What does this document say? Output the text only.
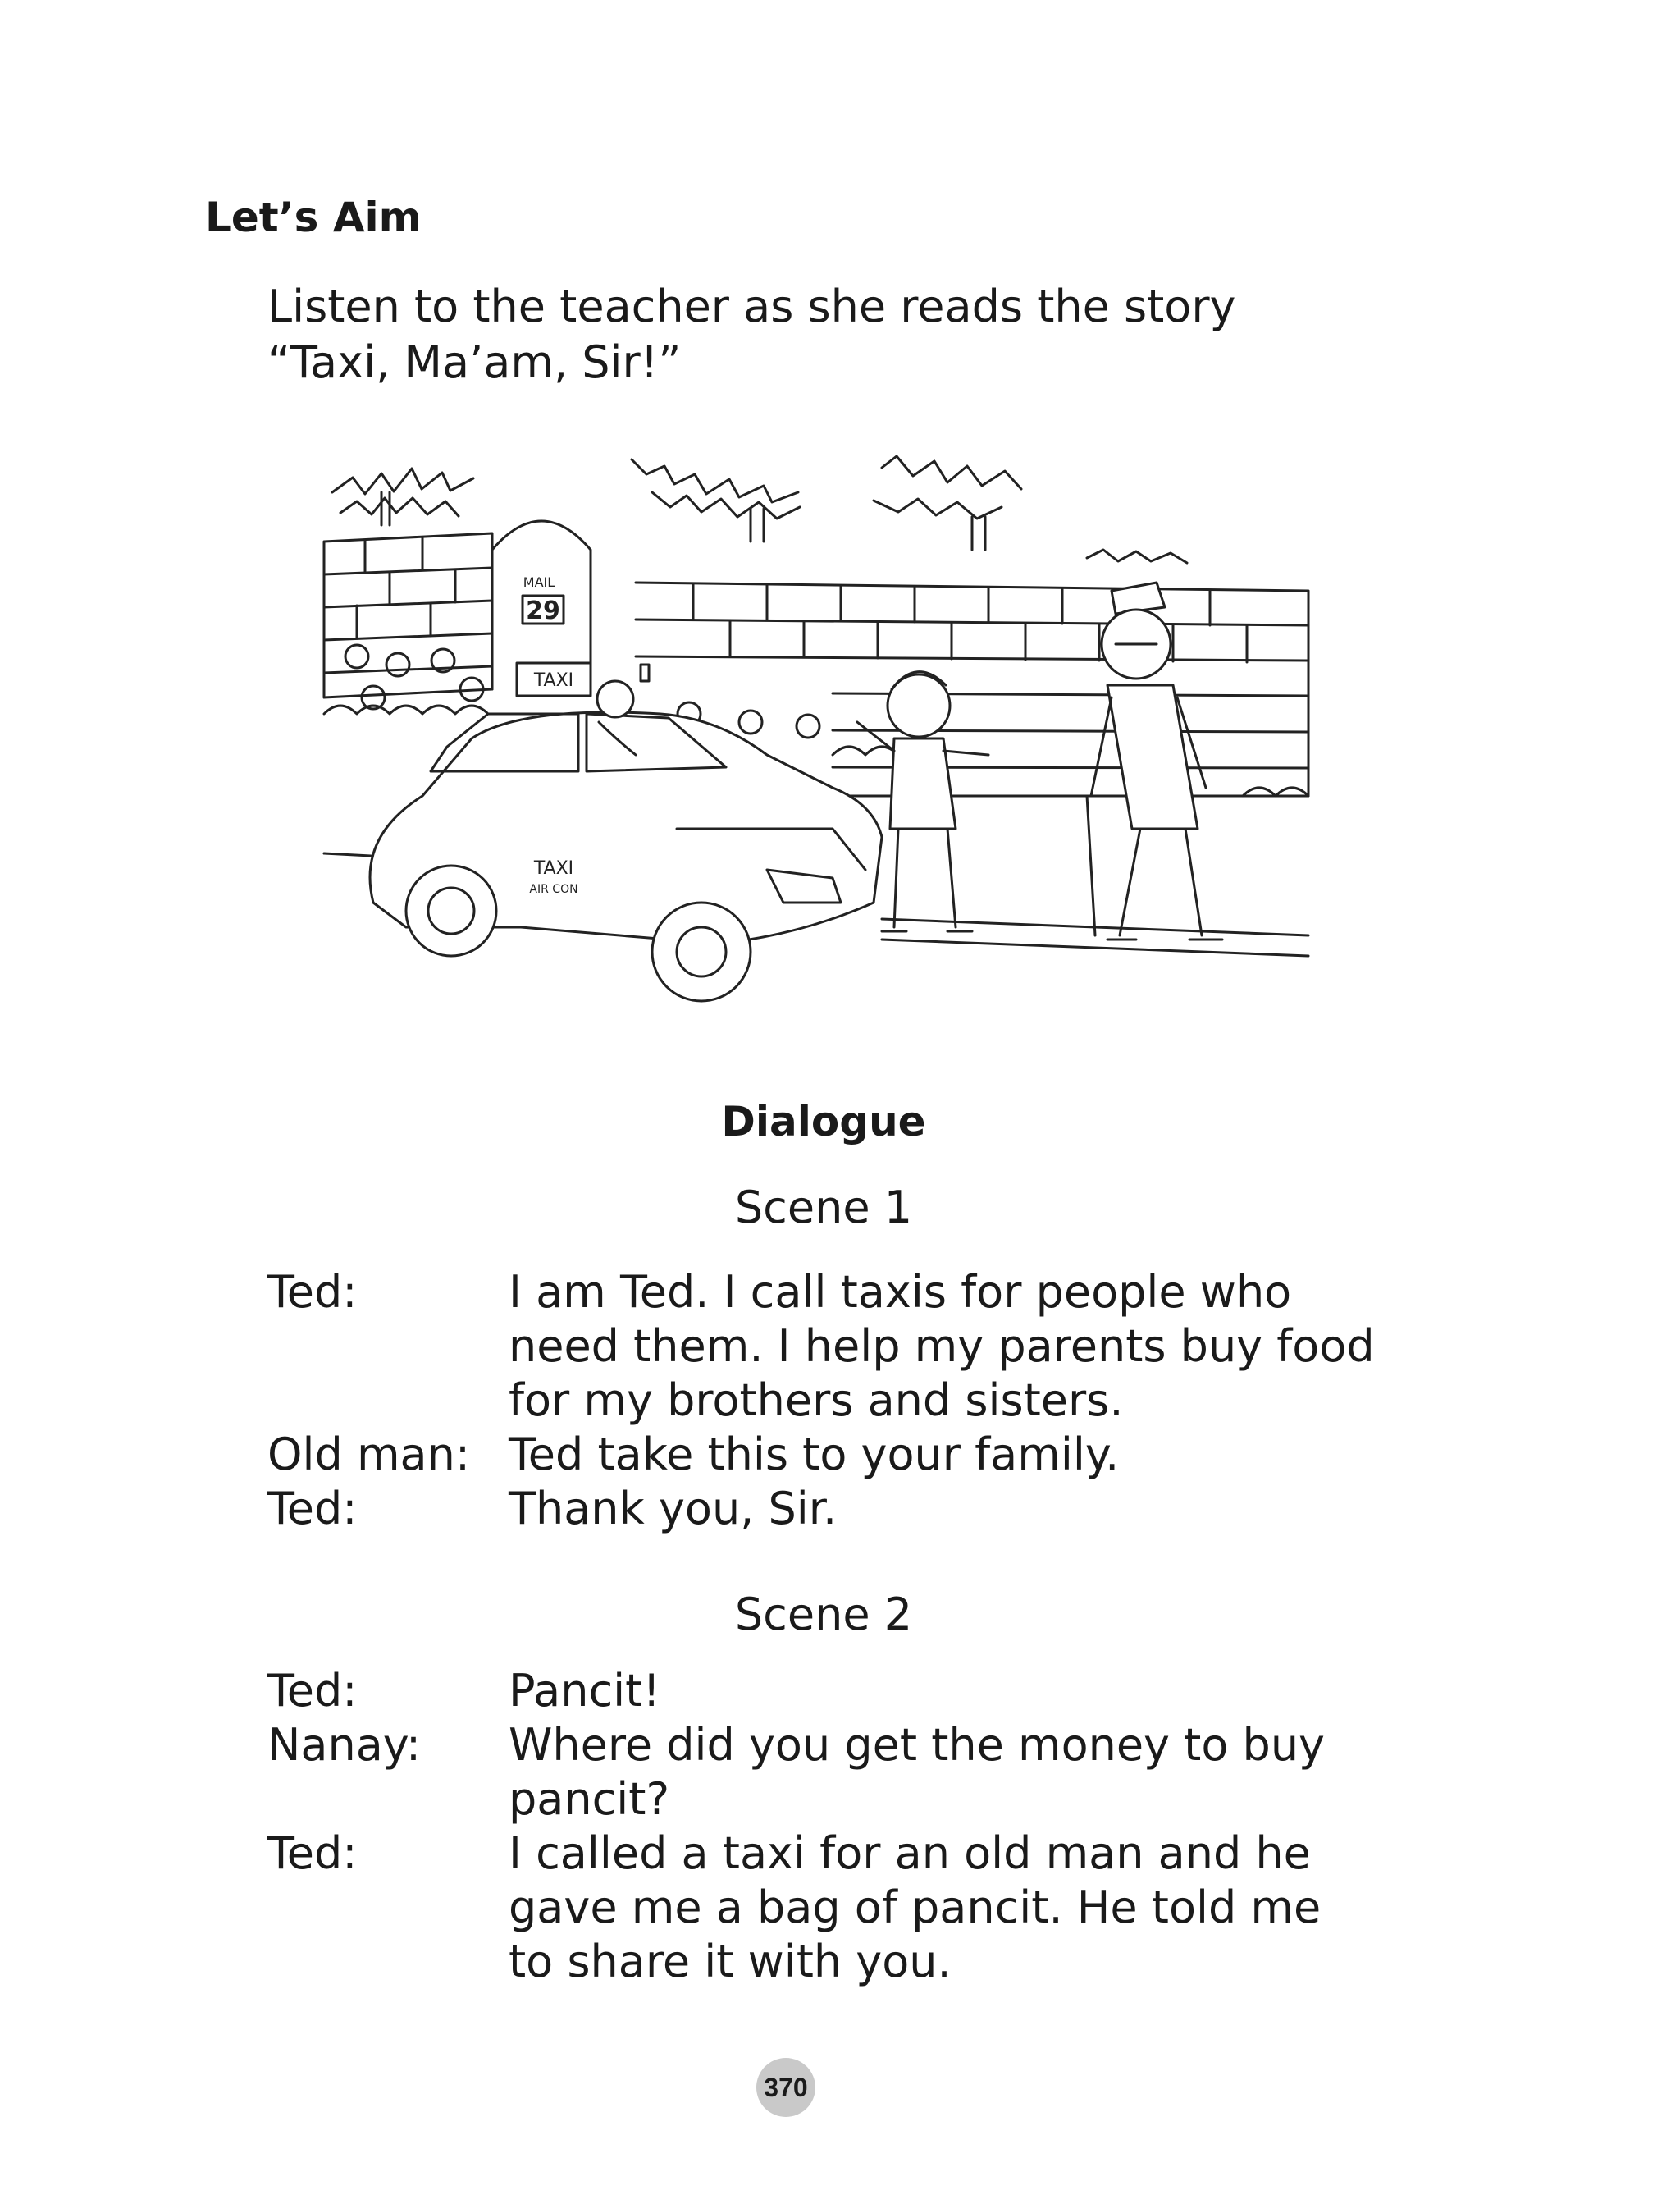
Let’s Aim
Listen to the teacher as she reads the story
“Taxi, Ma’am, Sir!”
MAIL
29
TAXI
TAXI
AIR CON
Dialogue
Scene 1
Ted:	I am Ted. I call taxis for people who
need them. I help my parents buy food
for my brothers and sisters.
Old man: Ted take this to your family.
Ted:	Thank you, Sir.
Scene 2
Ted:	Pancit!
Nanay:	Where did you get the money to buy
pancit?
Ted:	I called a taxi for an old man and he
gave me a bag of pancit. He told me
to share it with you.
370
